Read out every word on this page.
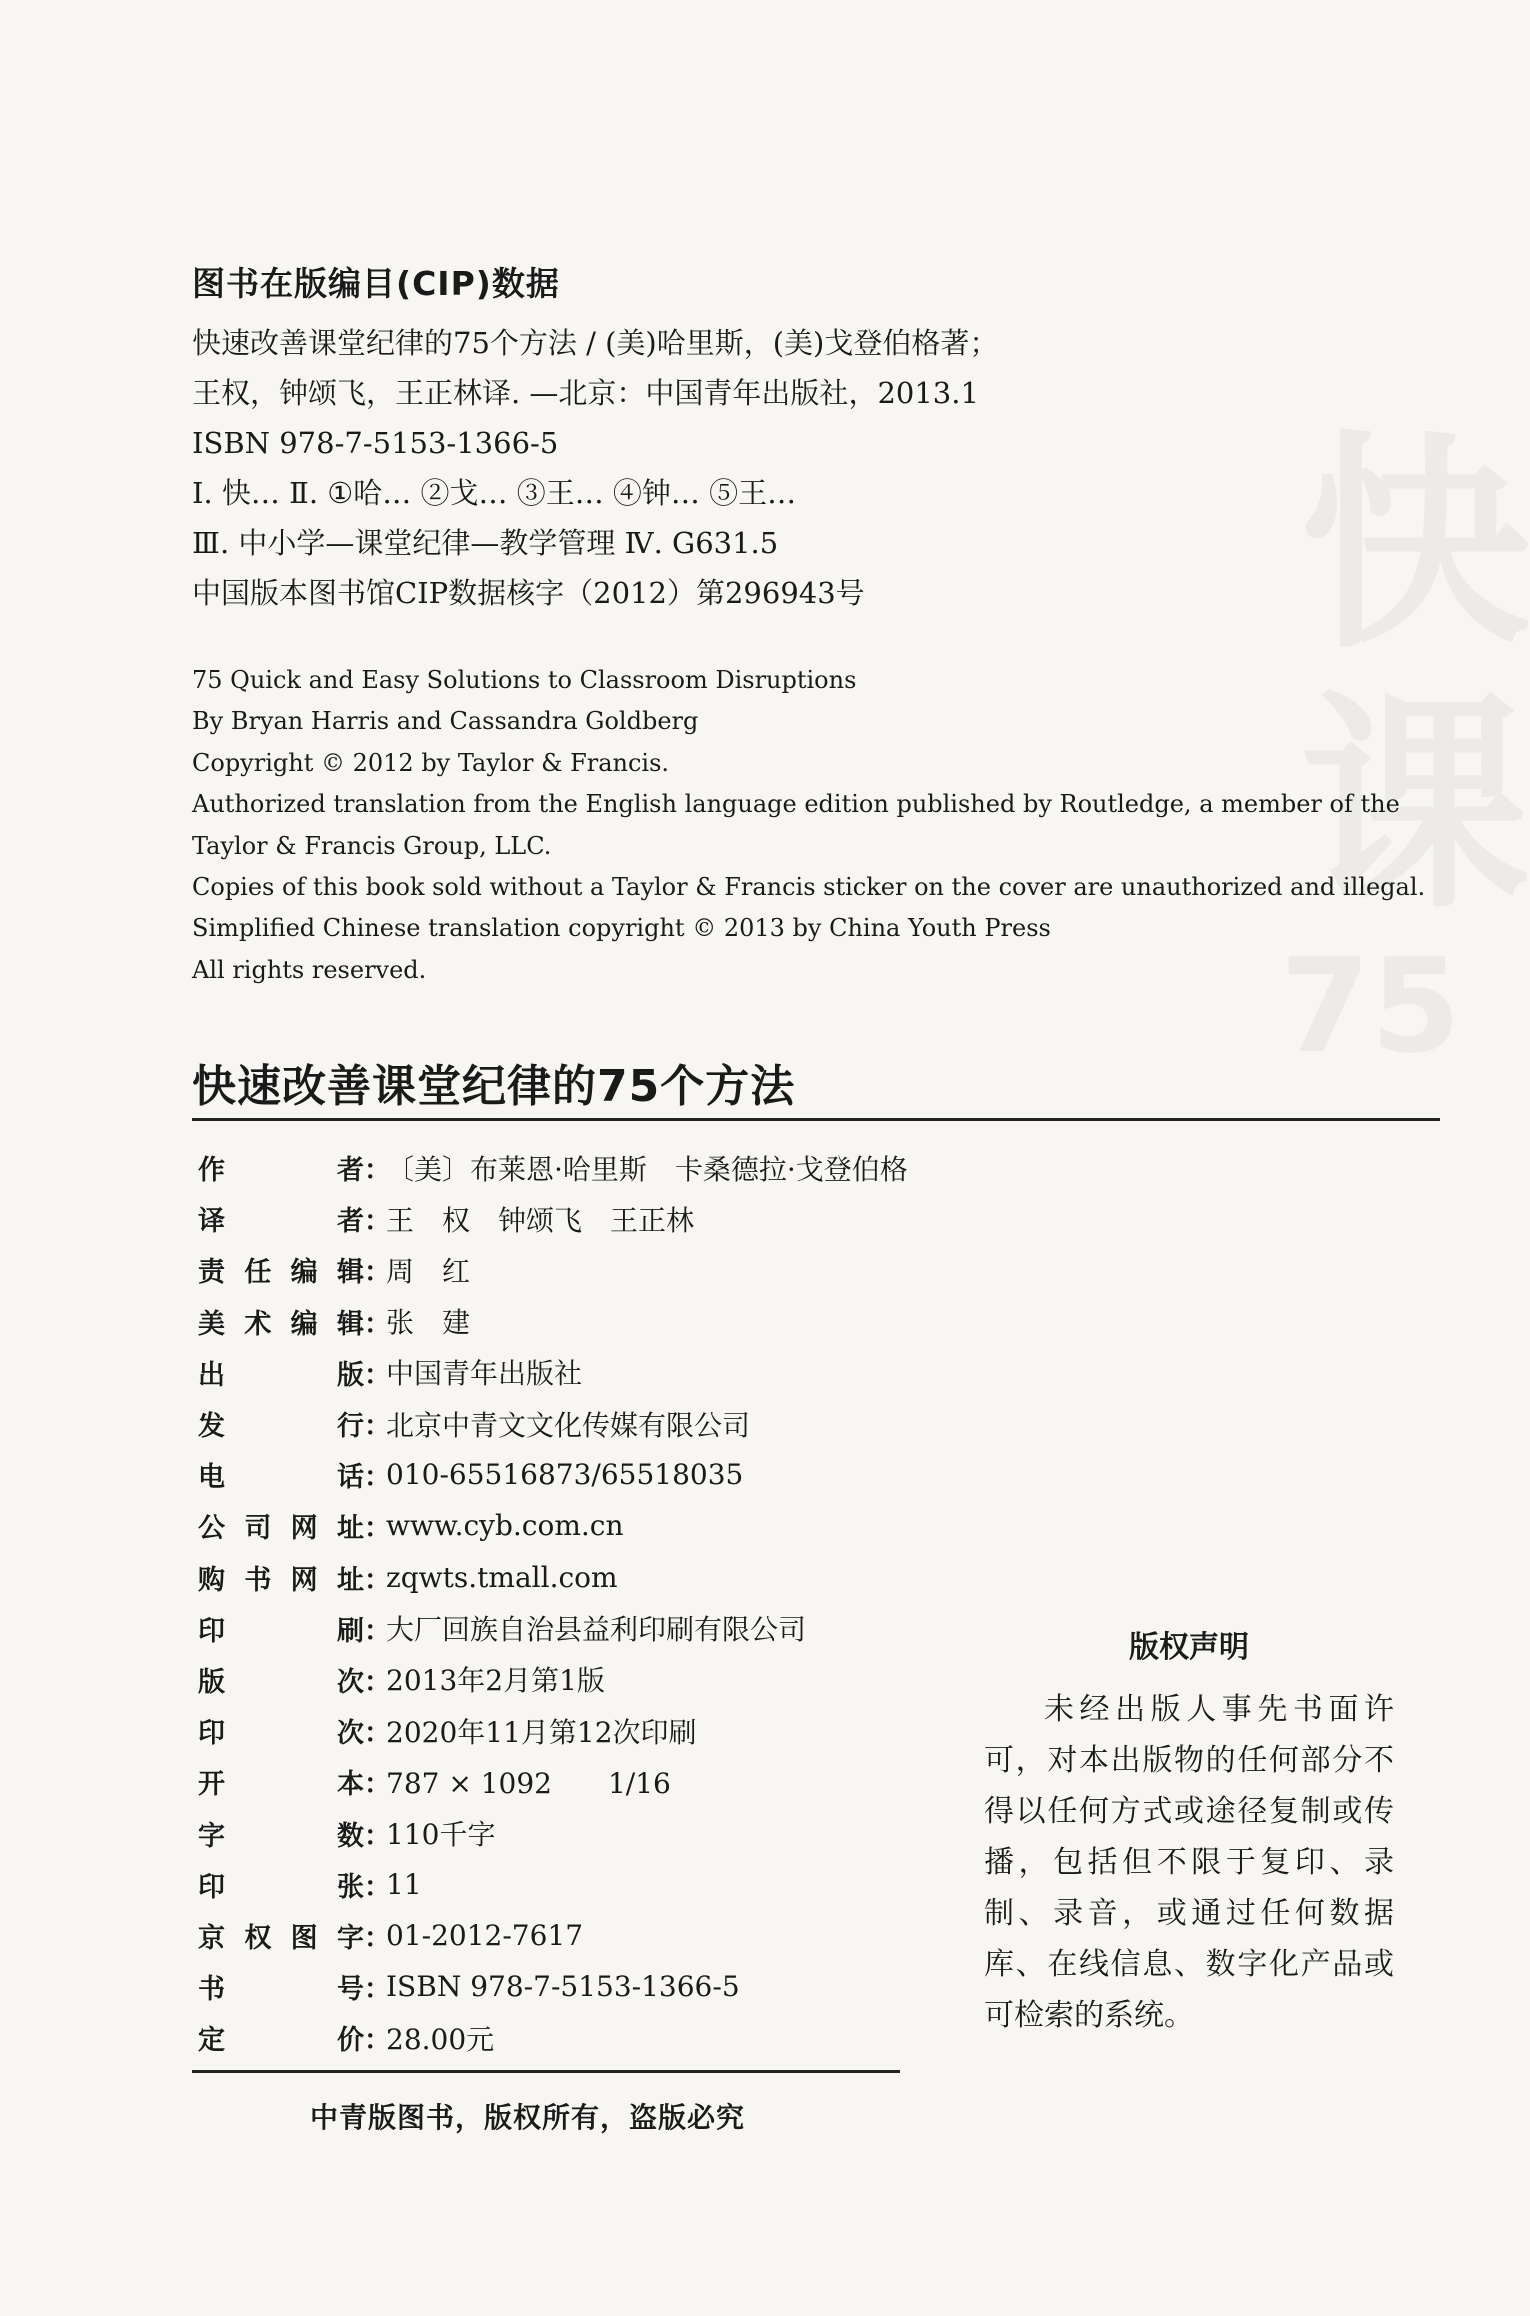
快
课
75
图书在版编目(CIP)数据
快速改善课堂纪律的75个方法 / (美)哈里斯，(美)戈登伯格著；
王权，钟颂飞，王正林译. —北京：中国青年出版社，2013.1
ISBN 978-7-5153-1366-5
Ⅰ. 快… Ⅱ. ①哈… ②戈… ③王… ④钟… ⑤王…
Ⅲ. 中小学—课堂纪律—教学管理 Ⅳ. G631.5
中国版本图书馆CIP数据核字（2012）第296943号
75 Quick and Easy Solutions to Classroom Disruptions
By Bryan Harris and Cassandra Goldberg
Copyright © 2012 by Taylor & Francis.
Authorized translation from the English language edition published by Routledge, a member of the
Taylor & Francis Group, LLC.
Copies of this book sold without a Taylor & Francis sticker on the cover are unauthorized and illegal.
Simplified Chinese translation copyright © 2013 by China Youth Press
All rights reserved.
快速改善课堂纪律的75个方法
作	者 ：
〔美〕布莱恩·哈里斯　卡桑德拉·戈登伯格
译	者 ：
王　权　钟颂飞　王正林
责 任 编 辑 ：
周　红
美 术 编 辑 ：
张　建
出	版 ：
中国青年出版社
发	行 ：
北京中青文文化传媒有限公司
电	话 ：
010-65516873/65518035
公 司 网 址 ：
www.cyb.com.cn
购 书 网 址 ：
zqwts.tmall.com
印	刷 ：
大厂回族自治县益利印刷有限公司
版	次 ：
2013年2月第1版
印	次 ：
2020年11月第12次印刷
开	本 ：
787 × 1092　　1/16
字	数 ：
110千字
印	张 ：
11
京 权 图 字 ：
01-2012-7617
书	号 ：
ISBN 978-7-5153-1366-5
定	价 ：
28.00元
版权声明

未经出版人事先书面许可，对本出版物的任何部分不得以任何方式或途径复制或传播，包括但不限于复印、录制、录音，或通过任何数据库、在线信息、数字化产品或可检索的系统。

中青版图书，版权所有，盗版必究
